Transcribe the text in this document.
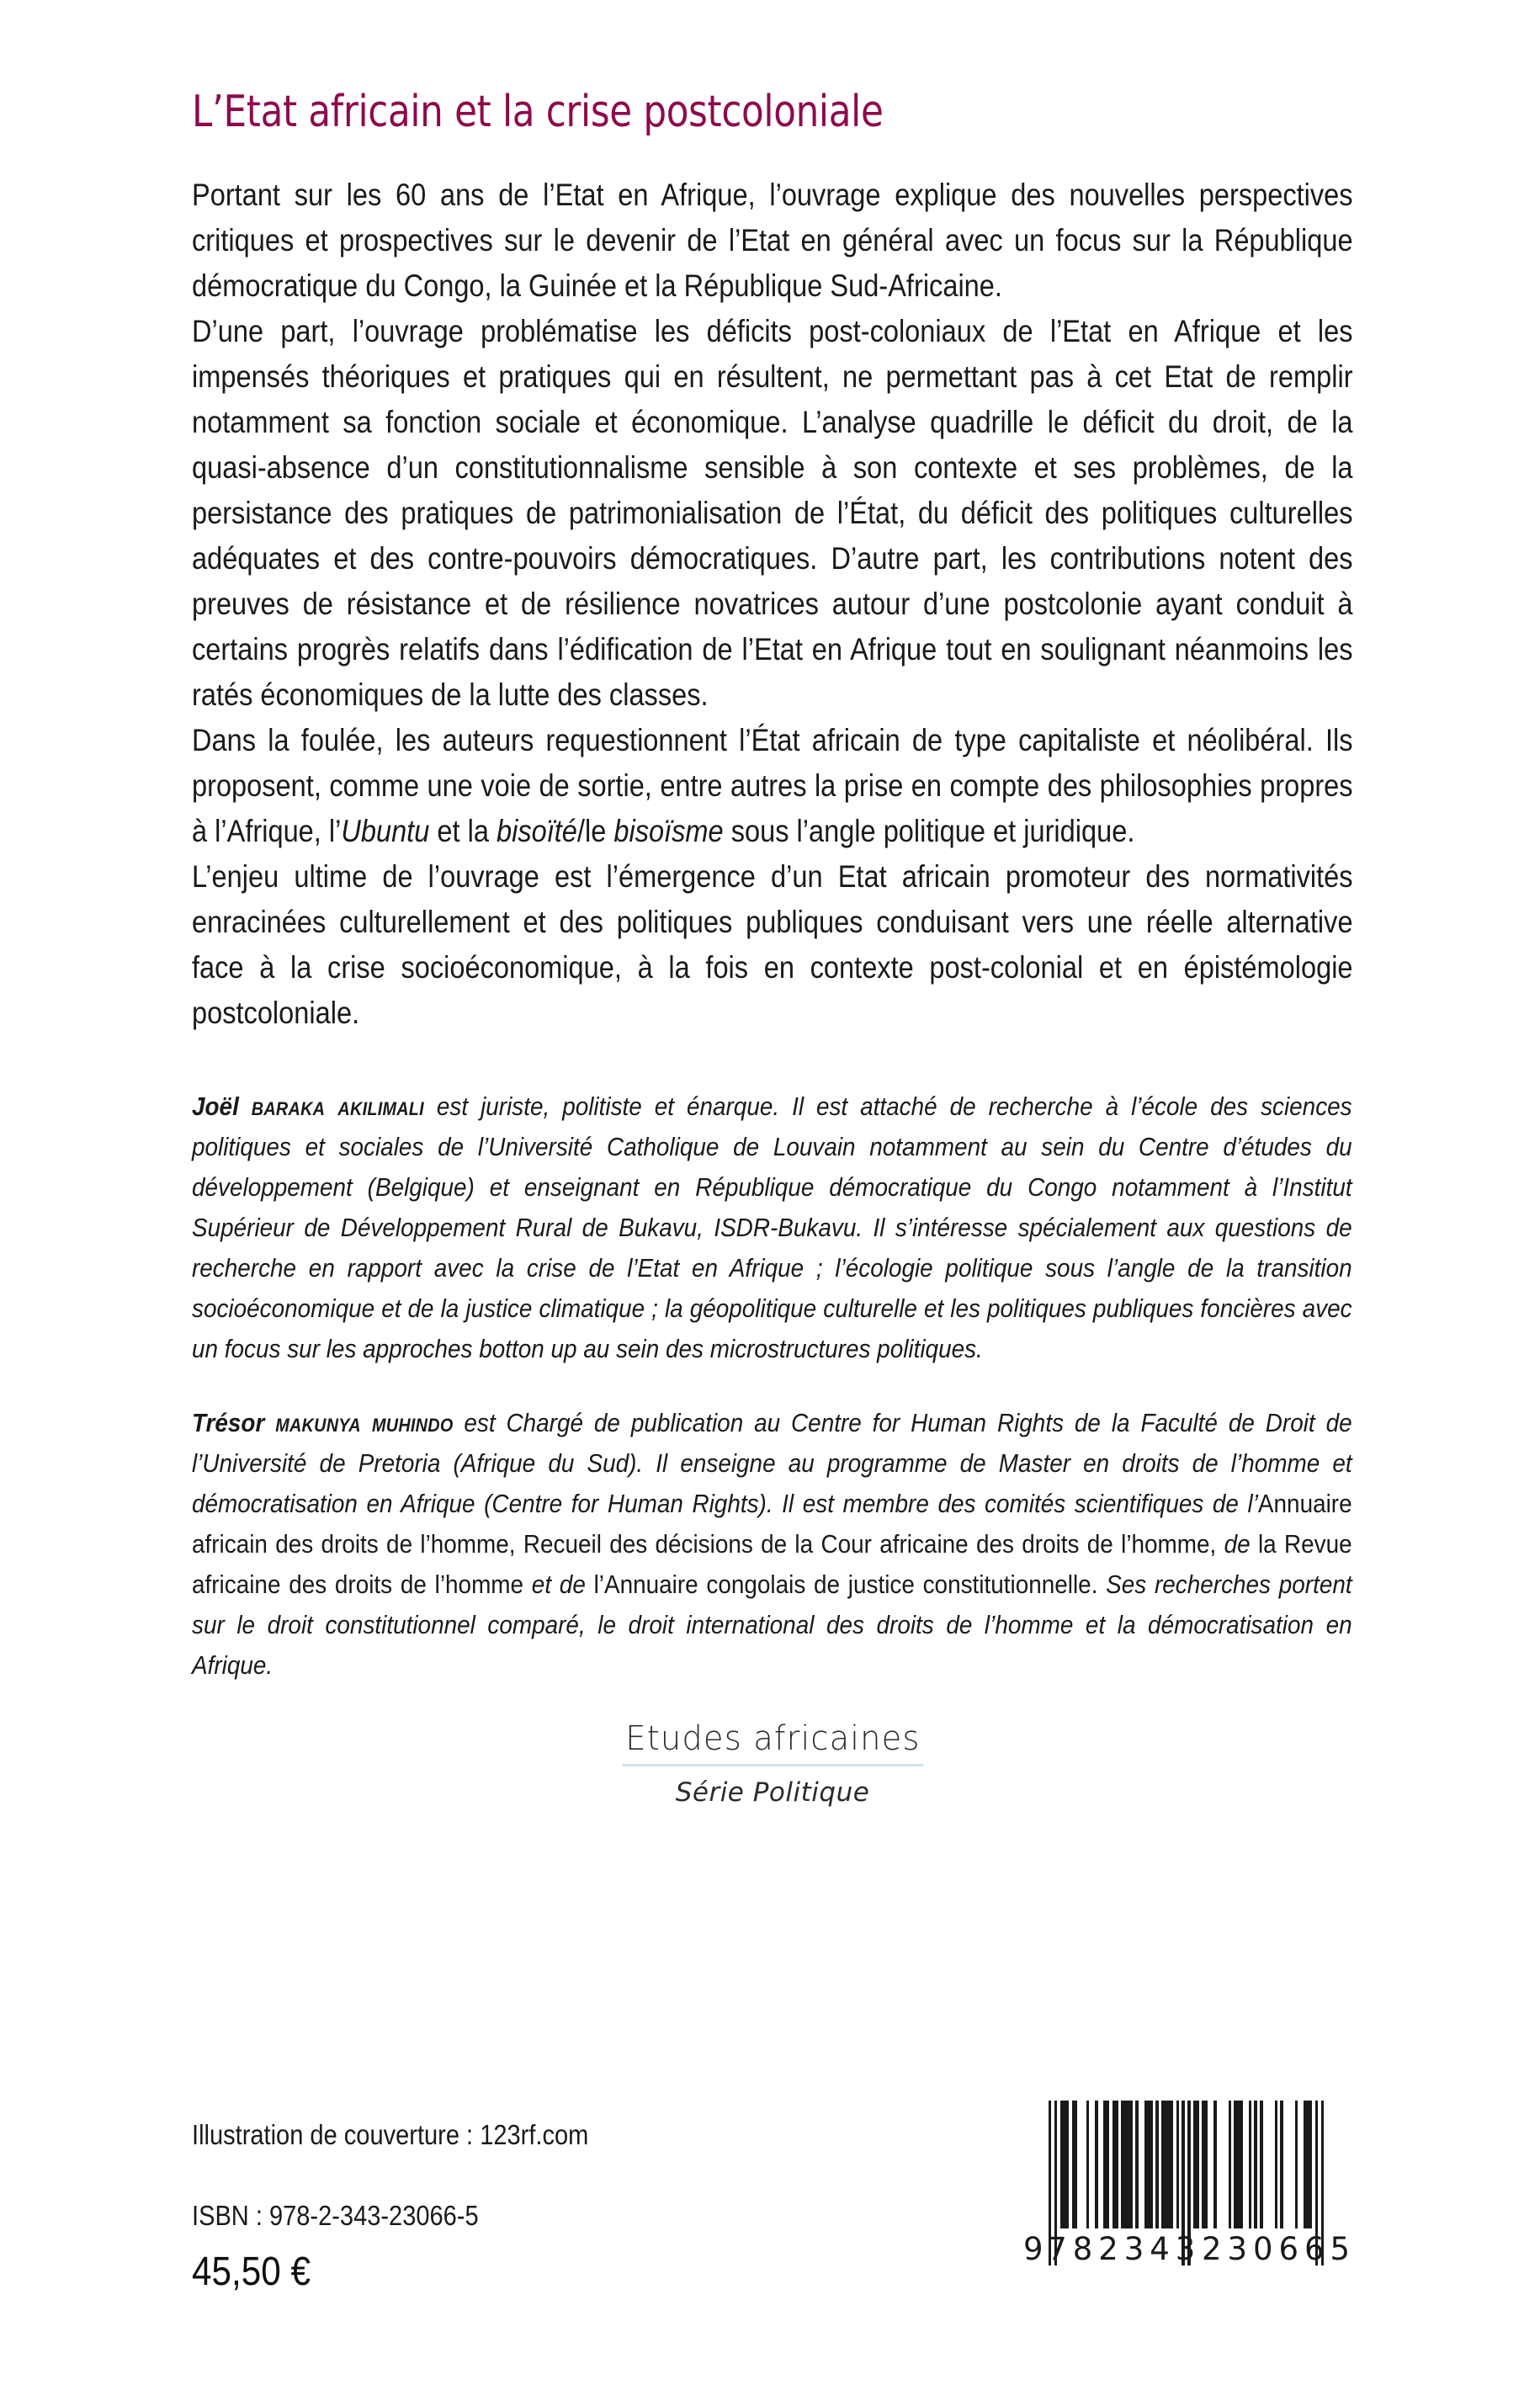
L’Etat africain et la crise postcoloniale

Portant sur les 60 ans de l’Etat en Afrique, l’ouvrage explique des nouvelles perspectives critiques et prospectives sur le devenir de l’Etat en général avec un focus sur la République démocratique du Congo, la Guinée et la République Sud-Africaine.

D’une part, l’ouvrage problématise les déficits post-coloniaux de l’Etat en Afrique et les impensés théoriques et pratiques qui en résultent, ne permettant pas à cet Etat de remplir notamment sa fonction sociale et économique. L’analyse quadrille le déficit du droit, de la quasi-absence d’un constitutionnalisme sensible à son contexte et ses problèmes, de la persistance des pratiques de patrimonialisation de l’État, du déficit des politiques culturelles adéquates et des contre-pouvoirs démocratiques. D’autre part, les contributions notent des preuves de résistance et de résilience novatrices autour d’une postcolonie ayant conduit à certains progrès relatifs dans l’édification de l’Etat en Afrique tout en soulignant néanmoins les ratés économiques de la lutte des classes.

Dans la foulée, les auteurs requestionnent l’État africain de type capitaliste et néolibéral. Ils proposent, comme une voie de sortie, entre autres la prise en compte des philosophies propres à l’Afrique, l’Ubuntu et la bisoïté/le bisoïsme sous l’angle politique et juridique.

L’enjeu ultime de l’ouvrage est l’émergence d’un Etat africain promoteur des normativités enracinées culturellement et des politiques publiques conduisant vers une réelle alternative face à la crise socioéconomique, à la fois en contexte post-colonial et en épistémologie postcoloniale.

Joël baraka akilimali est juriste, politiste et énarque. Il est attaché de recherche à l’école des sciences politiques et sociales de l’Université Catholique de Louvain notamment au sein du Centre d’études du développement (Belgique) et enseignant en République démocratique du Congo notamment à l’Institut Supérieur de Développement Rural de Bukavu, ISDR-Bukavu. Il s’intéresse spécialement aux questions de recherche en rapport avec la crise de l’Etat en Afrique ; l’écologie politique sous l’angle de la transition socioéconomique et de la justice climatique ; la géopolitique culturelle et les politiques publiques foncières avec un focus sur les approches botton up au sein des microstructures politiques.

Trésor makunya muhindo est Chargé de publication au Centre for Human Rights de la Faculté de Droit de l’Université de Pretoria (Afrique du Sud). Il enseigne au programme de Master en droits de l’homme et démocratisation en Afrique (Centre for Human Rights). Il est membre des comités scientifiques de l’Annuaire africain des droits de l’homme, Recueil des décisions de la Cour africaine des droits de l’homme, de la Revue africaine des droits de l’homme et de l’Annuaire congolais de justice constitutionnelle. Ses recherches portent sur le droit constitutionnel comparé, le droit international des droits de l’homme et la démocratisation en Afrique.

Etudes africaines
Série Politique
Illustration de couverture : 123rf.com
ISBN : 978-2-343-23066-5
45,50 €
9 7 8 2 3 4 3 2 3 0 6 6 5
